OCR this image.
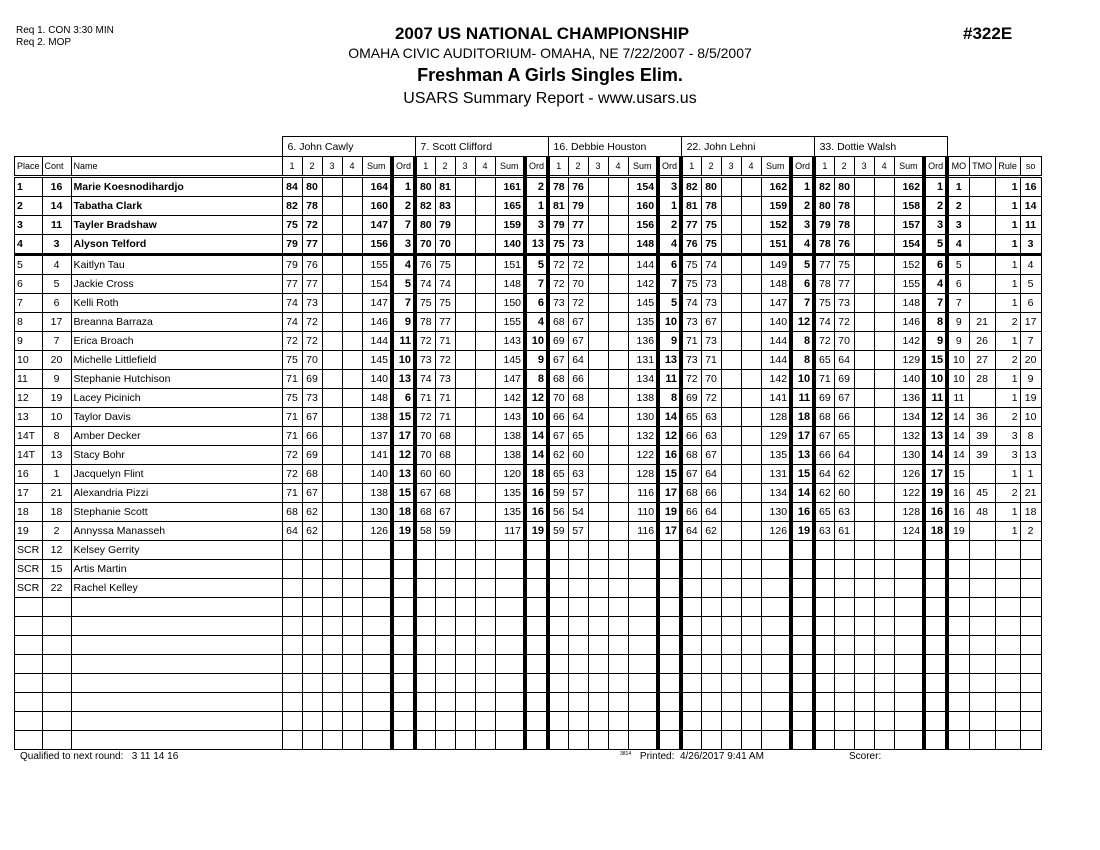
Req 1. CON 3:30 MIN
Req 2. MOP	2007 US NATIONAL CHAMPIONSHIP
OMAHA CIVIC AUDITORIUM- OMAHA, NE 7/22/2007 - 8/5/2007
Freshman A Girls Singles Elim.
USARS Summary Report - www.usars.us
#322E
			6. John Cawly						7. Scott Clifford						16. Debbie Houston						22. John Lehni						33. Dottie Walsh									
Place	Cont	Name	1	2	3	4	Sum	Ord	1	2	3	4	Sum	Ord	1	2	3	4	Sum	Ord	1	2	3	4	Sum	Ord	1	2	3	4	Sum	Ord	MO	TMO	Rule	so
1	16	Marie Koesnodihardjo	84	80			164	1	80	81			161	2	78	76			154	3	82	80			162	1	82	80			162	1	1		1	16
2	14	Tabatha Clark	82	78			160	2	82	83			165	1	81	79			160	1	81	78			159	2	80	78			158	2	2		1	14
3	11	Tayler Bradshaw	75	72			147	7	80	79			159	3	79	77			156	2	77	75			152	3	79	78			157	3	3		1	11
4	3	Alyson Telford	79	77			156	3	70	70			140	13	75	73			148	4	76	75			151	4	78	76			154	5	4		1	3
5	4	Kaitlyn Tau	79	76			155	4	76	75			151	5	72	72			144	6	75	74			149	5	77	75			152	6	5		1	4
6	5	Jackie Cross	77	77			154	5	74	74			148	7	72	70			142	7	75	73			148	6	78	77			155	4	6		1	5
7	6	Kelli Roth	74	73			147	7	75	75			150	6	73	72			145	5	74	73			147	7	75	73			148	7	7		1	6
8	17	Breanna Barraza	74	72			146	9	78	77			155	4	68	67			135	10	73	67			140	12	74	72			146	8	9	21	2	17
9	7	Erica Broach	72	72			144	11	72	71			143	10	69	67			136	9	71	73			144	8	72	70			142	9	9	26	1	7
10	20	Michelle Littlefield	75	70			145	10	73	72			145	9	67	64			131	13	73	71			144	8	65	64			129	15	10	27	2	20
11	9	Stephanie Hutchison	71	69			140	13	74	73			147	8	68	66			134	11	72	70			142	10	71	69			140	10	10	28	1	9
12	19	Lacey Picinich	75	73			148	6	71	71			142	12	70	68			138	8	69	72			141	11	69	67			136	11	11		1	19
13	10	Taylor Davis	71	67			138	15	72	71			143	10	66	64			130	14	65	63			128	18	68	66			134	12	14	36	2	10
14T	8	Amber Decker	71	66			137	17	70	68			138	14	67	65			132	12	66	63			129	17	67	65			132	13	14	39	3	8
14T	13	Stacy Bohr	72	69			141	12	70	68			138	14	62	60			122	16	68	67			135	13	66	64			130	14	14	39	3	13
16	1	Jacquelyn Flint	72	68			140	13	60	60			120	18	65	63			128	15	67	64			131	15	64	62			126	17	15		1	1
17	21	Alexandria Pizzi	71	67			138	15	67	68			135	16	59	57			116	17	68	66			134	14	62	60			122	19	16	45	2	21
18	18	Stephanie Scott	68	62			130	18	68	67			135	16	56	54			110	19	66	64			130	16	65	63			128	16	16	48	1	18
19	2	Annyssa Manasseh	64	62			126	19	58	59			117	19	59	57			116	17	64	62			126	19	63	61			124	18	19		1	2
SCR	12	Kelsey Gerrity																																		
SCR	15	Artis Martin																																		
SCR	22	Rachel Kelley																																		

Qualified to next round: 3 11 14 16	$^{3814}$ Printed: 4/26/2017 9:41 AM	Scorer:
